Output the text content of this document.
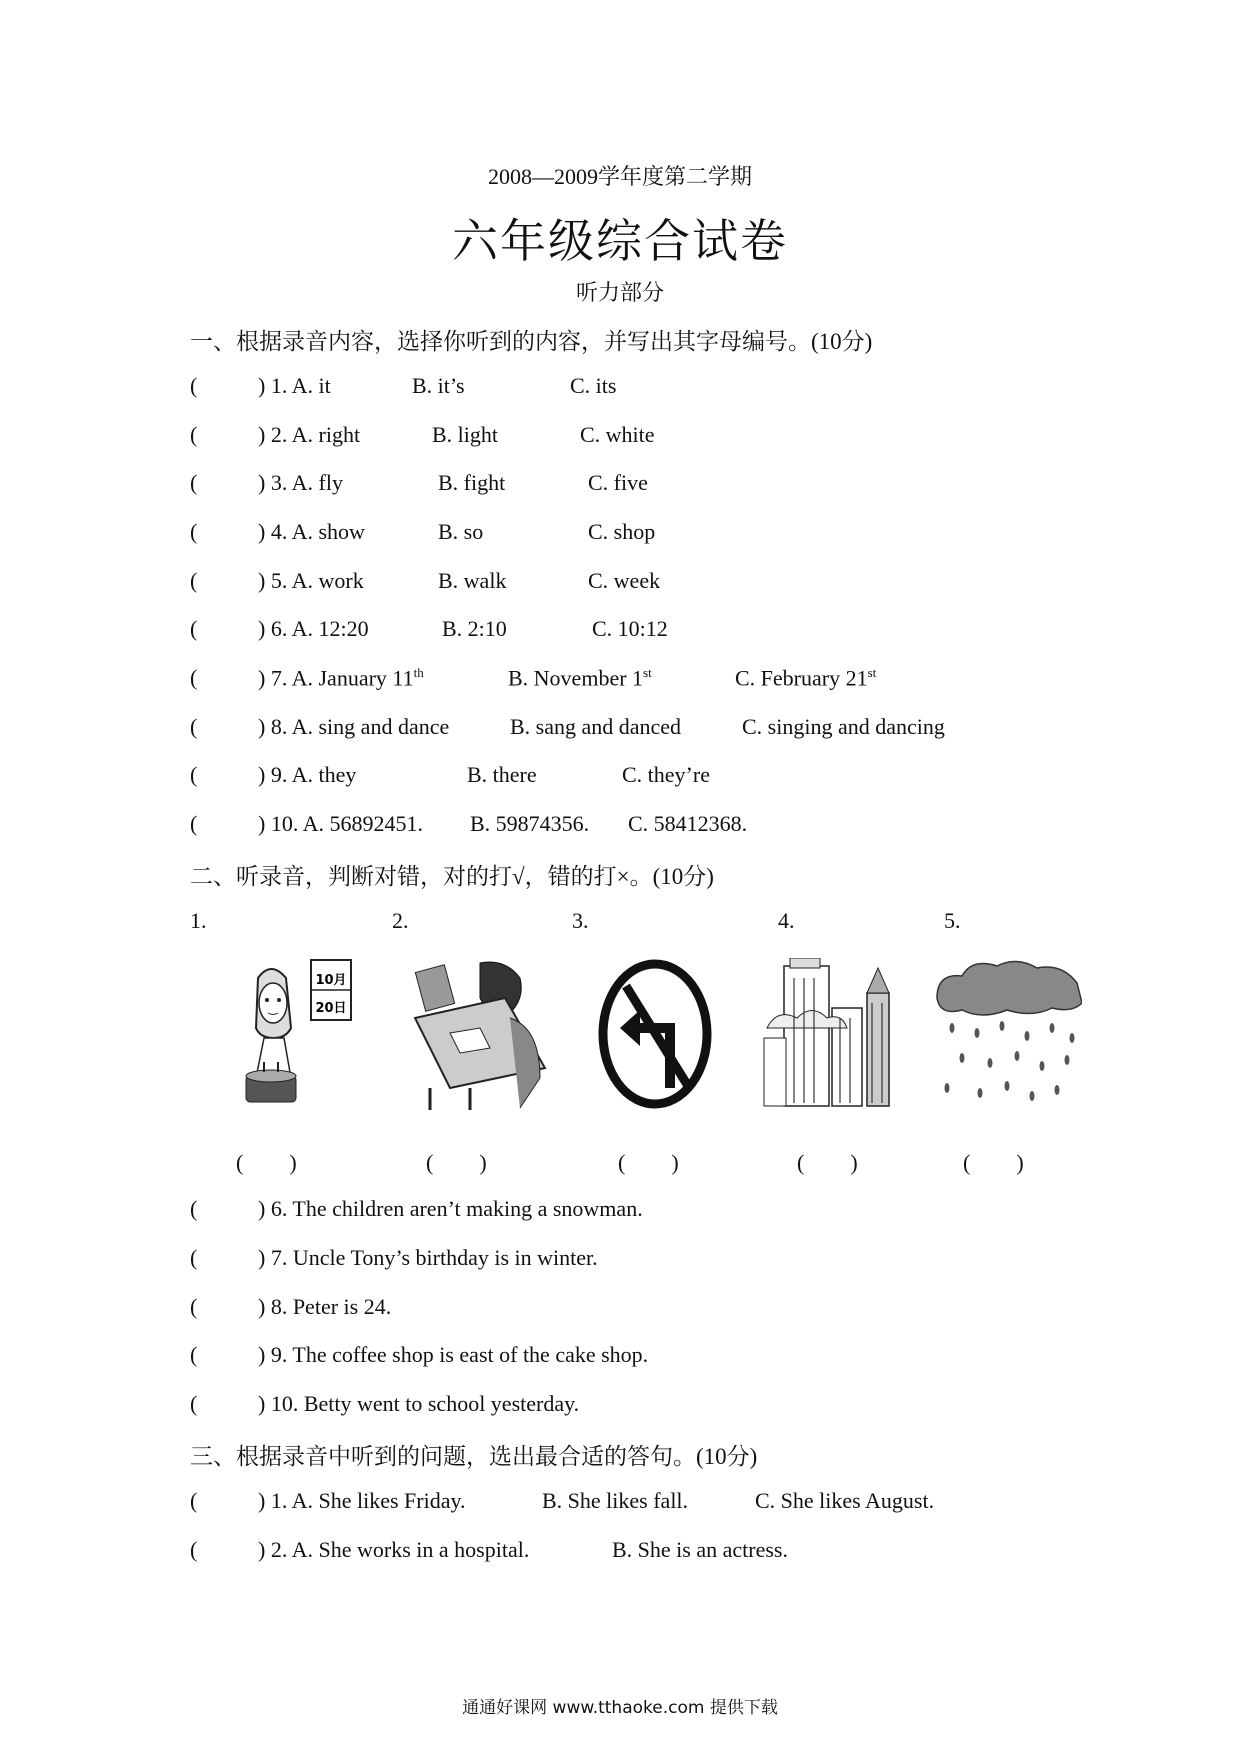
2008—2009学年度第二学期
六年级综合试卷
听力部分
一、根据录音内容，选择你听到的内容，并写出其字母编号。(10分)
(	) 1. A. it	B. it’s	C. its
(	) 2. A. right	B. light	C. white
(	) 3. A. fly	B. fight	C. five
(	) 4. A. show	B. so	C. shop
(	) 5. A. work	B. walk	C. week
(	) 6. A. 12:20	B. 2:10	C. 10:12
(	) 7. A. January 11th	B. November 1st	C. February 21st
(	) 8. A. sing and dance	B. sang and danced	C. singing and dancing
(	) 9. A. they	B. there	C. they’re
(	) 10. A. 56892451. B. 59874356. C. 58412368.
二、听录音，判断对错，对的打√，错的打×。(10分)
1.	2.	3.	4.	5.
10月
20日
( )	( )	( )	( )	( )
(	) 6. The children aren’t making a snowman.
(	) 7. Uncle Tony’s birthday is in winter.
(	) 8. Peter is 24.
(	) 9. The coffee shop is east of the cake shop.
(	) 10. Betty went to school yesterday.
三、根据录音中听到的问题，选出最合适的答句。(10分)
(	) 1. A. She likes Friday.	B. She likes fall.	C. She likes August.
(	) 2. A. She works in a hospital.	B. She is an actress.
通通好课网 www.tthaoke.com 提供下载
